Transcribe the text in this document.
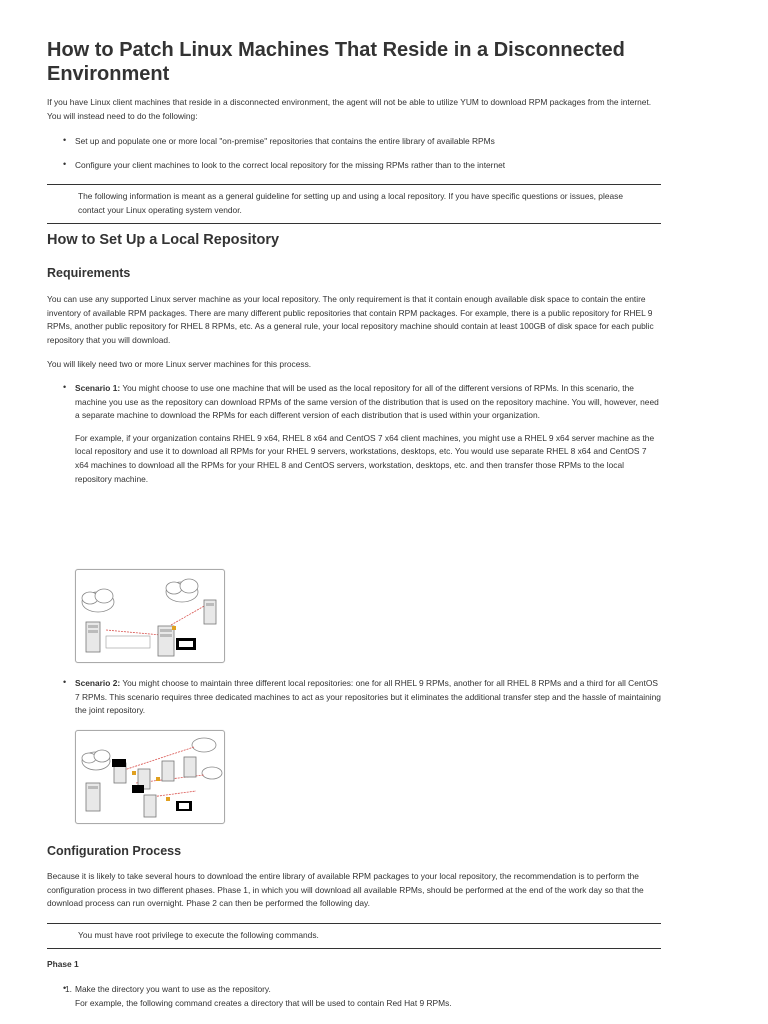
How to Patch Linux Machines That Reside in a Disconnected Environment

If you have Linux client machines that reside in a disconnected environment, the agent will not be able to utilize YUM to download RPM packages from the internet. You will instead need to do the following:

• Set up and populate one or more local "on-premise" repositories that contains the entire library of available RPMs

• Configure your client machines to look to the correct local repository for the missing RPMs rather than to the internet

The following information is meant as a general guideline for setting up and using a local repository. If you have specific questions or issues, please contact your Linux operating system vendor.

How to Set Up a Local Repository
Requirements

You can use any supported Linux server machine as your local repository. The only requirement is that it contain enough available disk space to contain the entire inventory of available RPM packages. There are many different public repositories that contain RPM packages. For example, there is a public repository for RHEL 9 RPMs, another public repository for RHEL 8 RPMs, etc. As a general rule, your local repository machine should contain at least 100GB of disk space for each public repository that you will download.

You will likely need two or more Linux server machines for this process.

• Scenario 1: You might choose to use one machine that will be used as the local repository for all of the different versions of RPMs. In this scenario, the machine you use as the repository can download RPMs of the same version of the distribution that is used on the repository machine. You will, however, need a separate machine to download the RPMs for each different version of each distribution that is used within your organization.

For example, if your organization contains RHEL 9 x64, RHEL 8 x64 and CentOS 7 x64 client machines, you might use a RHEL 9 x64 server machine as the local repository and use it to download all RPMs for your RHEL 9 servers, workstations, desktops, etc. You would use separate RHEL 8 x64 and CentOS 7 x64 machines to download all the RPMs for your RHEL 8 and CentOS servers, workstation, desktops, etc. and then transfer those RPMs to the local repository machine.

• Scenario 2: You might choose to maintain three different local repositories: one for all RHEL 9 RPMs, another for all RHEL 8 RPMs and a third for all CentOS 7 RPMs. This scenario requires three dedicated machines to act as your repositories but it eliminates the additional transfer step and the hassle of maintaining the joint repository.

Configuration Process

Because it is likely to take several hours to download the entire library of available RPM packages to your local repository, the recommendation is to perform the configuration process in two different phases. Phase 1, in which you will download all available RPMs, should be performed at the end of the work day so that the download process can run overnight. Phase 2 can then be performed the following day.

You must have root privilege to execute the following commands.

Phase 1
• 1. Make the directory you want to use as the repository.

For example, the following command creates a directory that will be used to contain Red Hat 9 RPMs.
